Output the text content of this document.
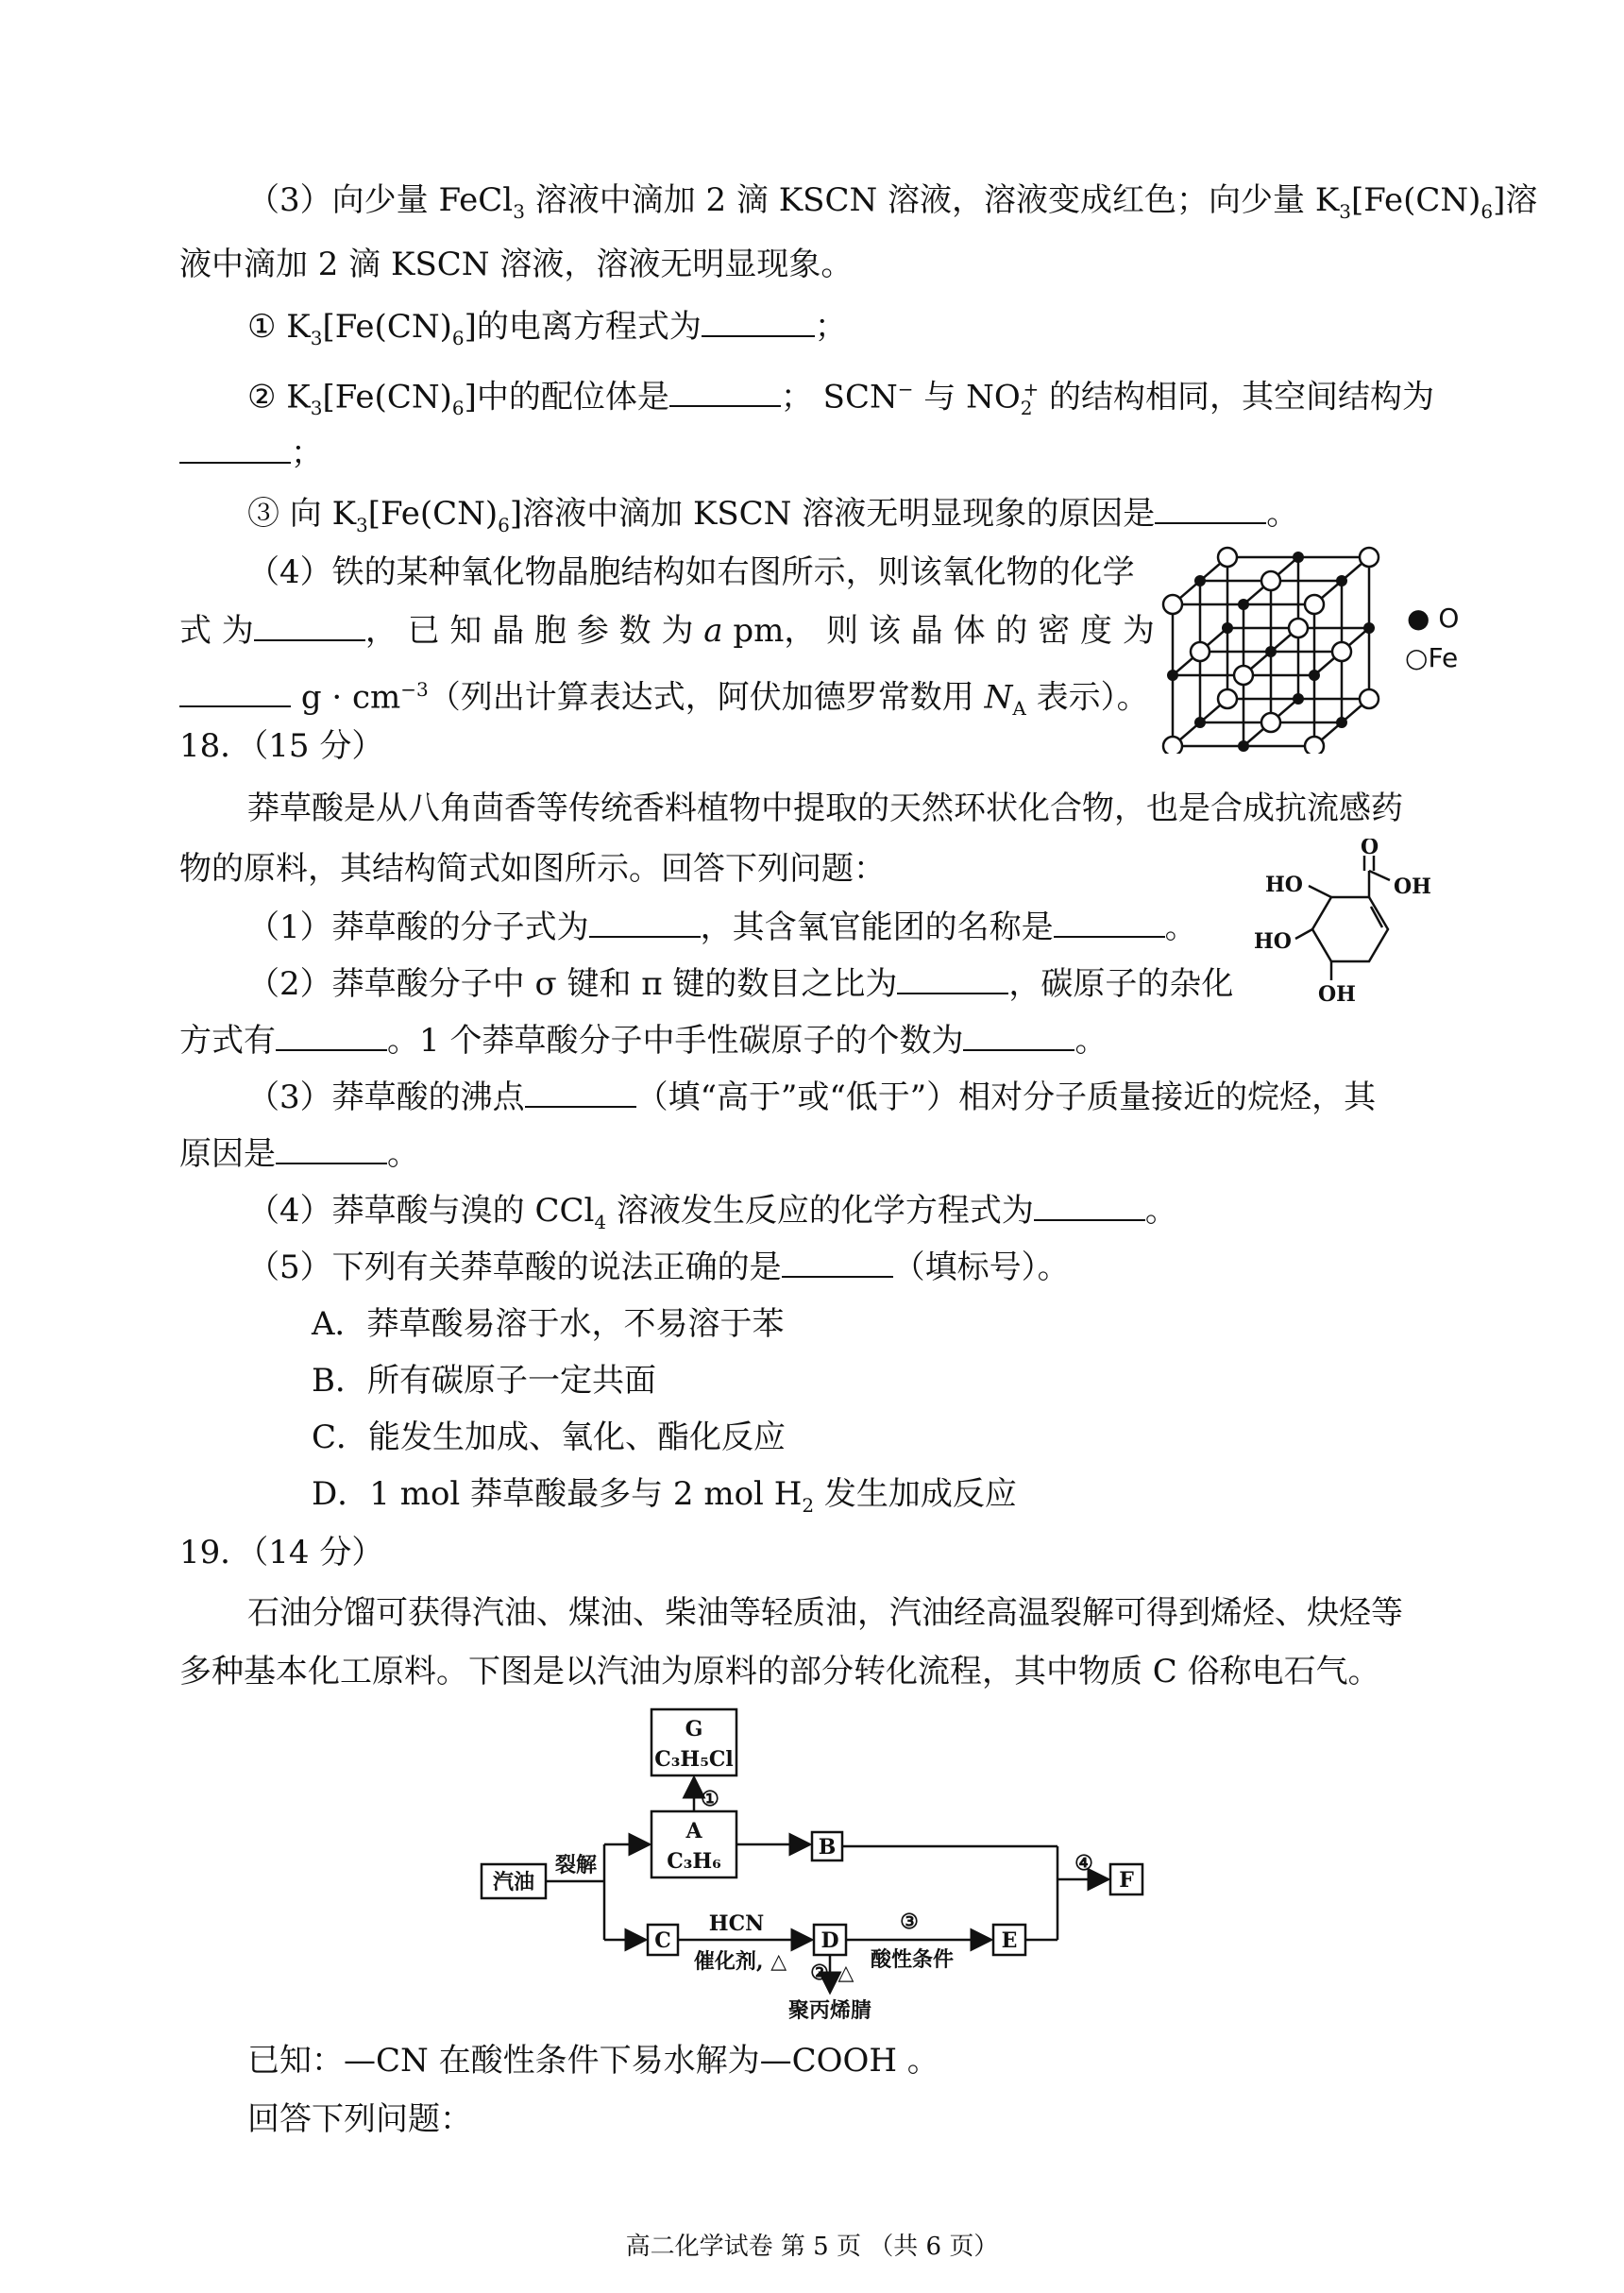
（3）向少量 FeCl$_3$ 溶液中滴加 2 滴 KSCN 溶液，溶液变成红色；向少量 $K_3[Fe(CN)_6]$溶
液中滴加 2 滴 KSCN 溶液，溶液无明显现象。
① $K_3[Fe(CN)_6]$的电离方程式为	；
② $K_3[Fe(CN)_6]$中的配位体是	； SCN− 与 $NO_2^+$ 的结构相同，其空间结构为
；
③ 向 $K_3[Fe(CN)_6]$溶液中滴加 KSCN 溶液无明显现象的原因是	。
（4）铁的某种氧化物晶胞结构如右图所示，则该氧化物的化学
式 为	， 已 知 晶 胞 参 数 为 a pm， 则 该 晶 体 的 密 度 为
$g \cdot cm^{-3}$（列出计算表达式，阿伏加德罗常数用 $N_A$ 表示）。
● O
○Fe
18．（15 分）
莽草酸是从八角茴香等传统香料植物中提取的天然环状化合物，也是合成抗流感药
物的原料，其结构简式如图所示。回答下列问题：
（1）莽草酸的分子式为	，其含氧官能团的名称是	。
（2）莽草酸分子中 σ 键和 π 键的数目之比为	，碳原子的杂化
方式有	。1 个莽草酸分子中手性碳原子的个数为	。
O
OH
HO
HO
OH
（3）莽草酸的沸点	（填“高于”或“低于”）相对分子质量接近的烷烃，其
原因是	。
（4）莽草酸与溴的 CCl$_4$ 溶液发生反应的化学方程式为	。
（5）下列有关莽草酸的说法正确的是	（填标号）。
A．莽草酸易溶于水，不易溶于苯
B．所有碳原子一定共面
C．能发生加成、氧化、酯化反应
D．1 mol 莽草酸最多与 2 mol $H_2$ 发生加成反应
19．（14 分）
石油分馏可获得汽油、煤油、柴油等轻质油，汽油经高温裂解可得到烯烃、炔烃等
多种基本化工原料。下图是以汽油为原料的部分转化流程，其中物质 C 俗称电石气。
G
C₃H₅Cl
①
A
C₃H₆
B
汽油
裂解
C
HCN
催化剂, △
D
② △
③
酸性条件
E
④
F
聚丙烯腈
已知：—CN 在酸性条件下易水解为—COOH 。
回答下列问题：
高二化学试卷 第 5 页 （共 6 页）
